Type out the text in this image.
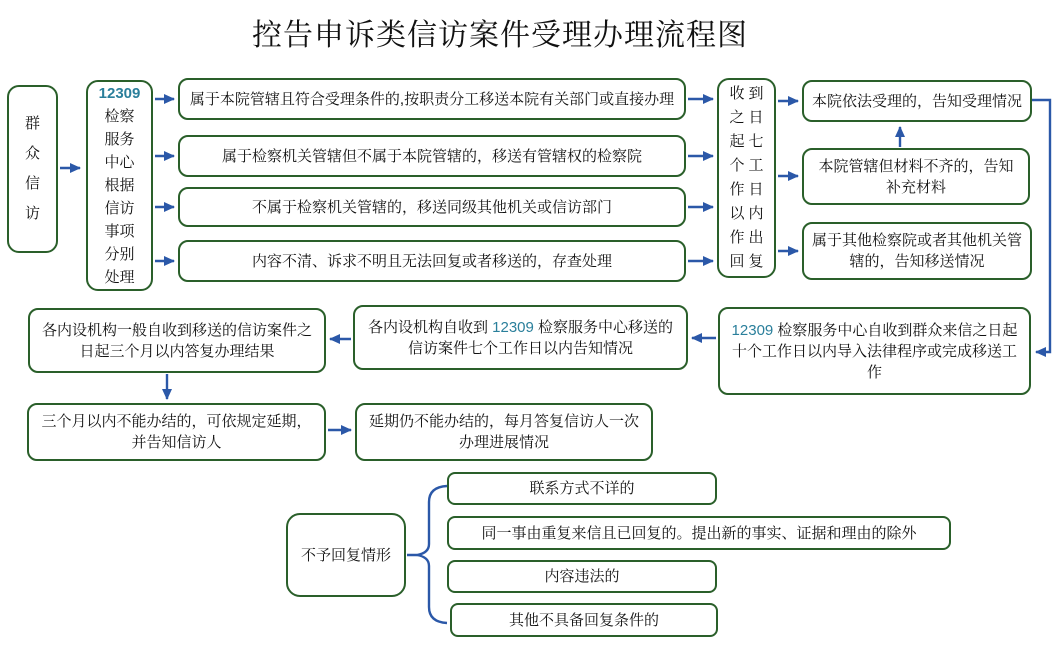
控告申诉类信访案件受理办理流程图
群
众
信
访
12309
检察
服务
中心
根据
信访
事项
分别
处理
属于本院管辖且符合受理条件的,按职责分工移送本院有关部门或直接办理
属于检察机关管辖但不属于本院管辖的，移送有管辖权的检察院
不属于检察机关管辖的，移送同级其他机关或信访部门
内容不清、诉求不明且无法回复或者移送的，存查处理
收到
之日
起七
个工
作日
以内
作出
回复
本院依法受理的，告知受理情况
本院管辖但材料不齐的，告知补充材料
属于其他检察院或者其他机关管辖的，告知移送情况
12309 检察服务中心自收到群众来信之日起十个工作日以内导入法律程序或完成移送工作
各内设机构自收到 12309 检察服务中心移送的信访案件七个工作日以内告知情况
各内设机构一般自收到移送的信访案件之日起三个月以内答复办理结果
三个月以内不能办结的，可依规定延期，并告知信访人
延期仍不能办结的，每月答复信访人一次办理进展情况
不予回复情形
联系方式不详的
同一事由重复来信且已回复的。提出新的事实、证据和理由的除外
内容违法的
其他不具备回复条件的
